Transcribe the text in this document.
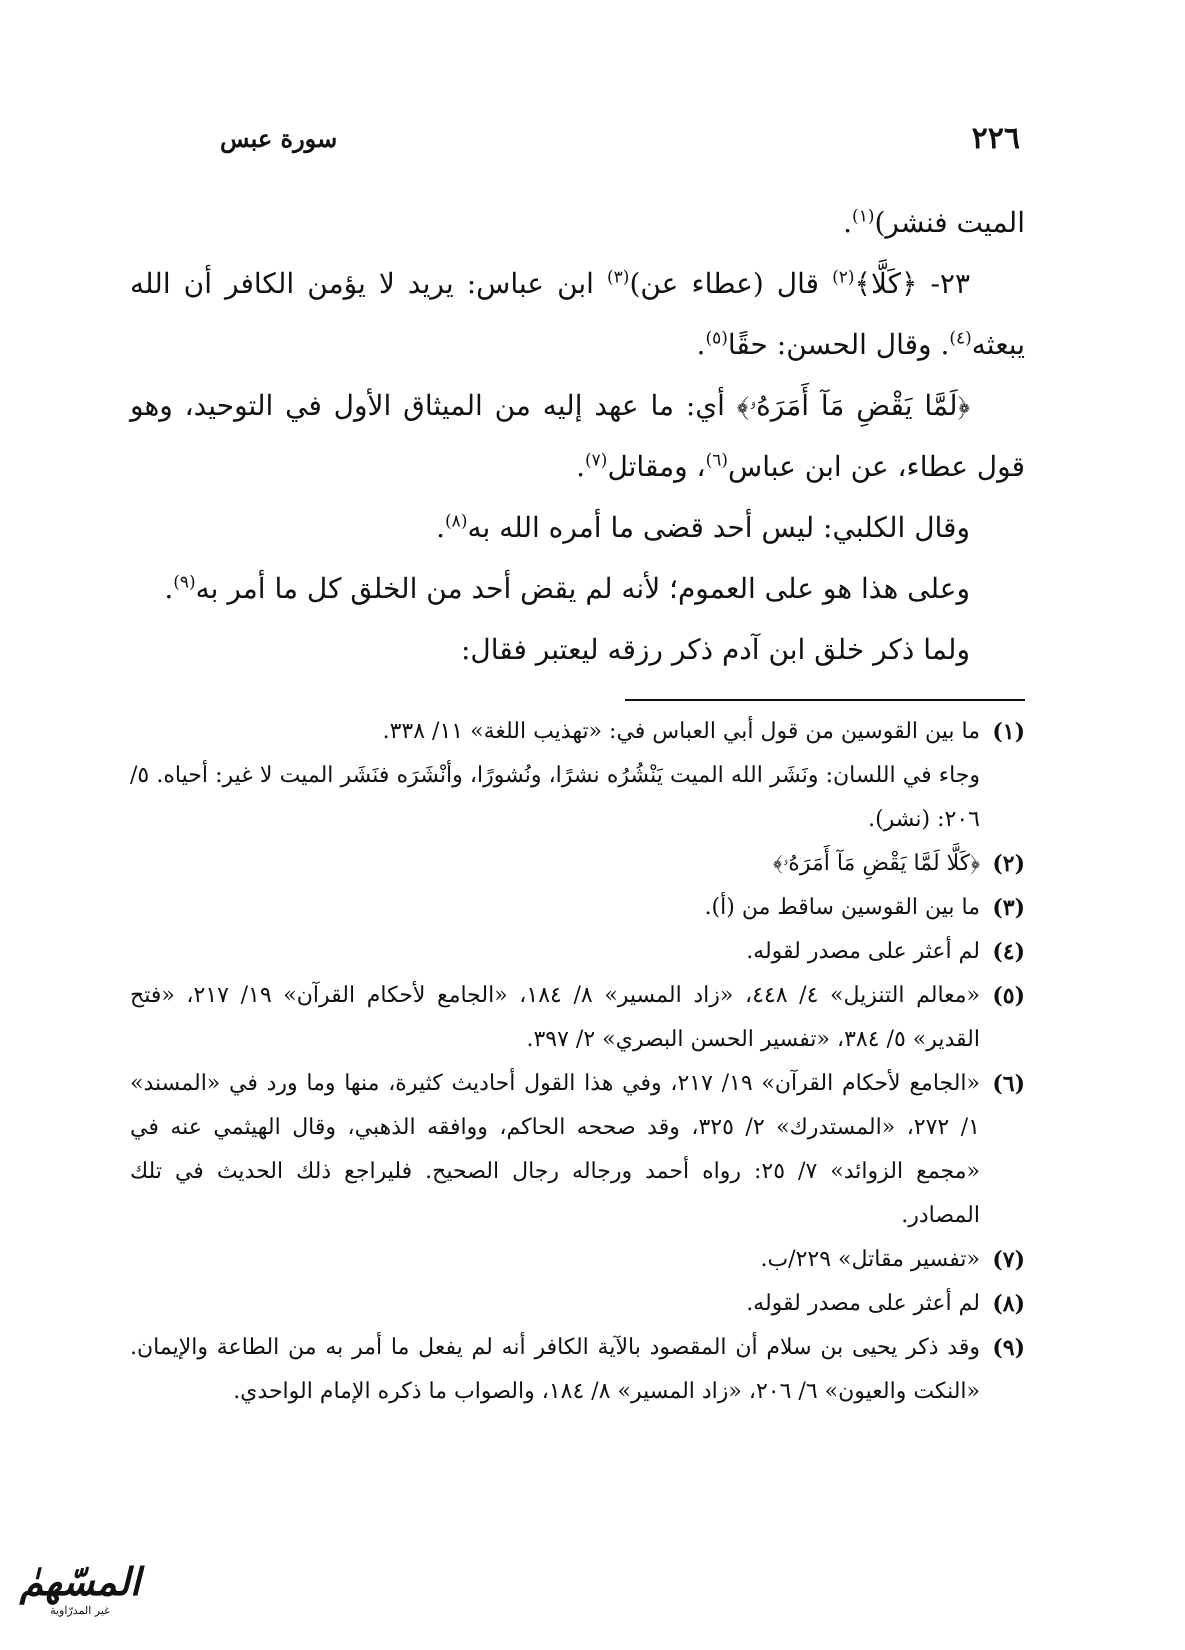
٢٢٦
سورة عبس

الميت فنشر)$^{(١)}$.

٢٣- ﴿كَلَّا﴾$^{(٢)}$ قال (عطاء عن)$^{(٣)}$ ابن عباس: يريد لا يؤمن الكافر أن الله يبعثه$^{(٤)}$. وقال الحسن: حقًا$^{(٥)}$.

﴿لَمَّا يَقْضِ مَآ أَمَرَهُۥ﴾ أي: ما عهد إليه من الميثاق الأول في التوحيد، وهو قول عطاء، عن ابن عباس$^{(٦)}$، ومقاتل$^{(٧)}$.

وقال الكلبي: ليس أحد قضى ما أمره الله به$^{(٨)}$.

وعلى هذا هو على العموم؛ لأنه لم يقض أحد من الخلق كل ما أمر به$^{(٩)}$.

ولما ذكر خلق ابن آدم ذكر رزقه ليعتبر فقال:

(١)

ما بين القوسين من قول أبي العباس في: «تهذيب اللغة» ١١/ ٣٣٨.

وجاء في اللسان: ونَشَر الله الميت يَنْشُرُه نشرًا، ونُشورًا، وأنْشَرَه فنَشَر الميت لا غير: أحياه. ٥/ ٢٠٦: (نشر).

(٢)

﴿كَلَّا لَمَّا يَقْضِ مَآ أَمَرَهُۥ﴾

(٣)

ما بين القوسين ساقط من (أ).

(٤)

لم أعثر على مصدر لقوله.

(٥)

«معالم التنزيل» ٤/ ٤٤٨، «زاد المسير» ٨/ ١٨٤، «الجامع لأحكام القرآن» ١٩/ ٢١٧، «فتح القدير» ٥/ ٣٨٤، «تفسير الحسن البصري» ٢/ ٣٩٧.

(٦)

«الجامع لأحكام القرآن» ١٩/ ٢١٧، وفي هذا القول أحاديث كثيرة، منها وما ورد في «المسند» ١/ ٢٧٢، «المستدرك» ٢/ ٣٢٥، وقد صححه الحاكم، ووافقه الذهبي، وقال الهيثمي عنه في «مجمع الزوائد» ٧/ ٢٥: رواه أحمد ورجاله رجال الصحيح. فليراجع ذلك الحديث في تلك المصادر.

(٧)

«تفسير مقاتل» ٢٢٩/ب.

(٨)

لم أعثر على مصدر لقوله.

(٩)

وقد ذكر يحيى بن سلام أن المقصود بالآية الكافر أنه لم يفعل ما أمر به من الطاعة والإيمان. «النكت والعيون» ٦/ ٢٠٦، «زاد المسير» ٨/ ١٨٤، والصواب ما ذكره الإمام الواحدي.

المسّهمٰ
غير المدرّاوية
